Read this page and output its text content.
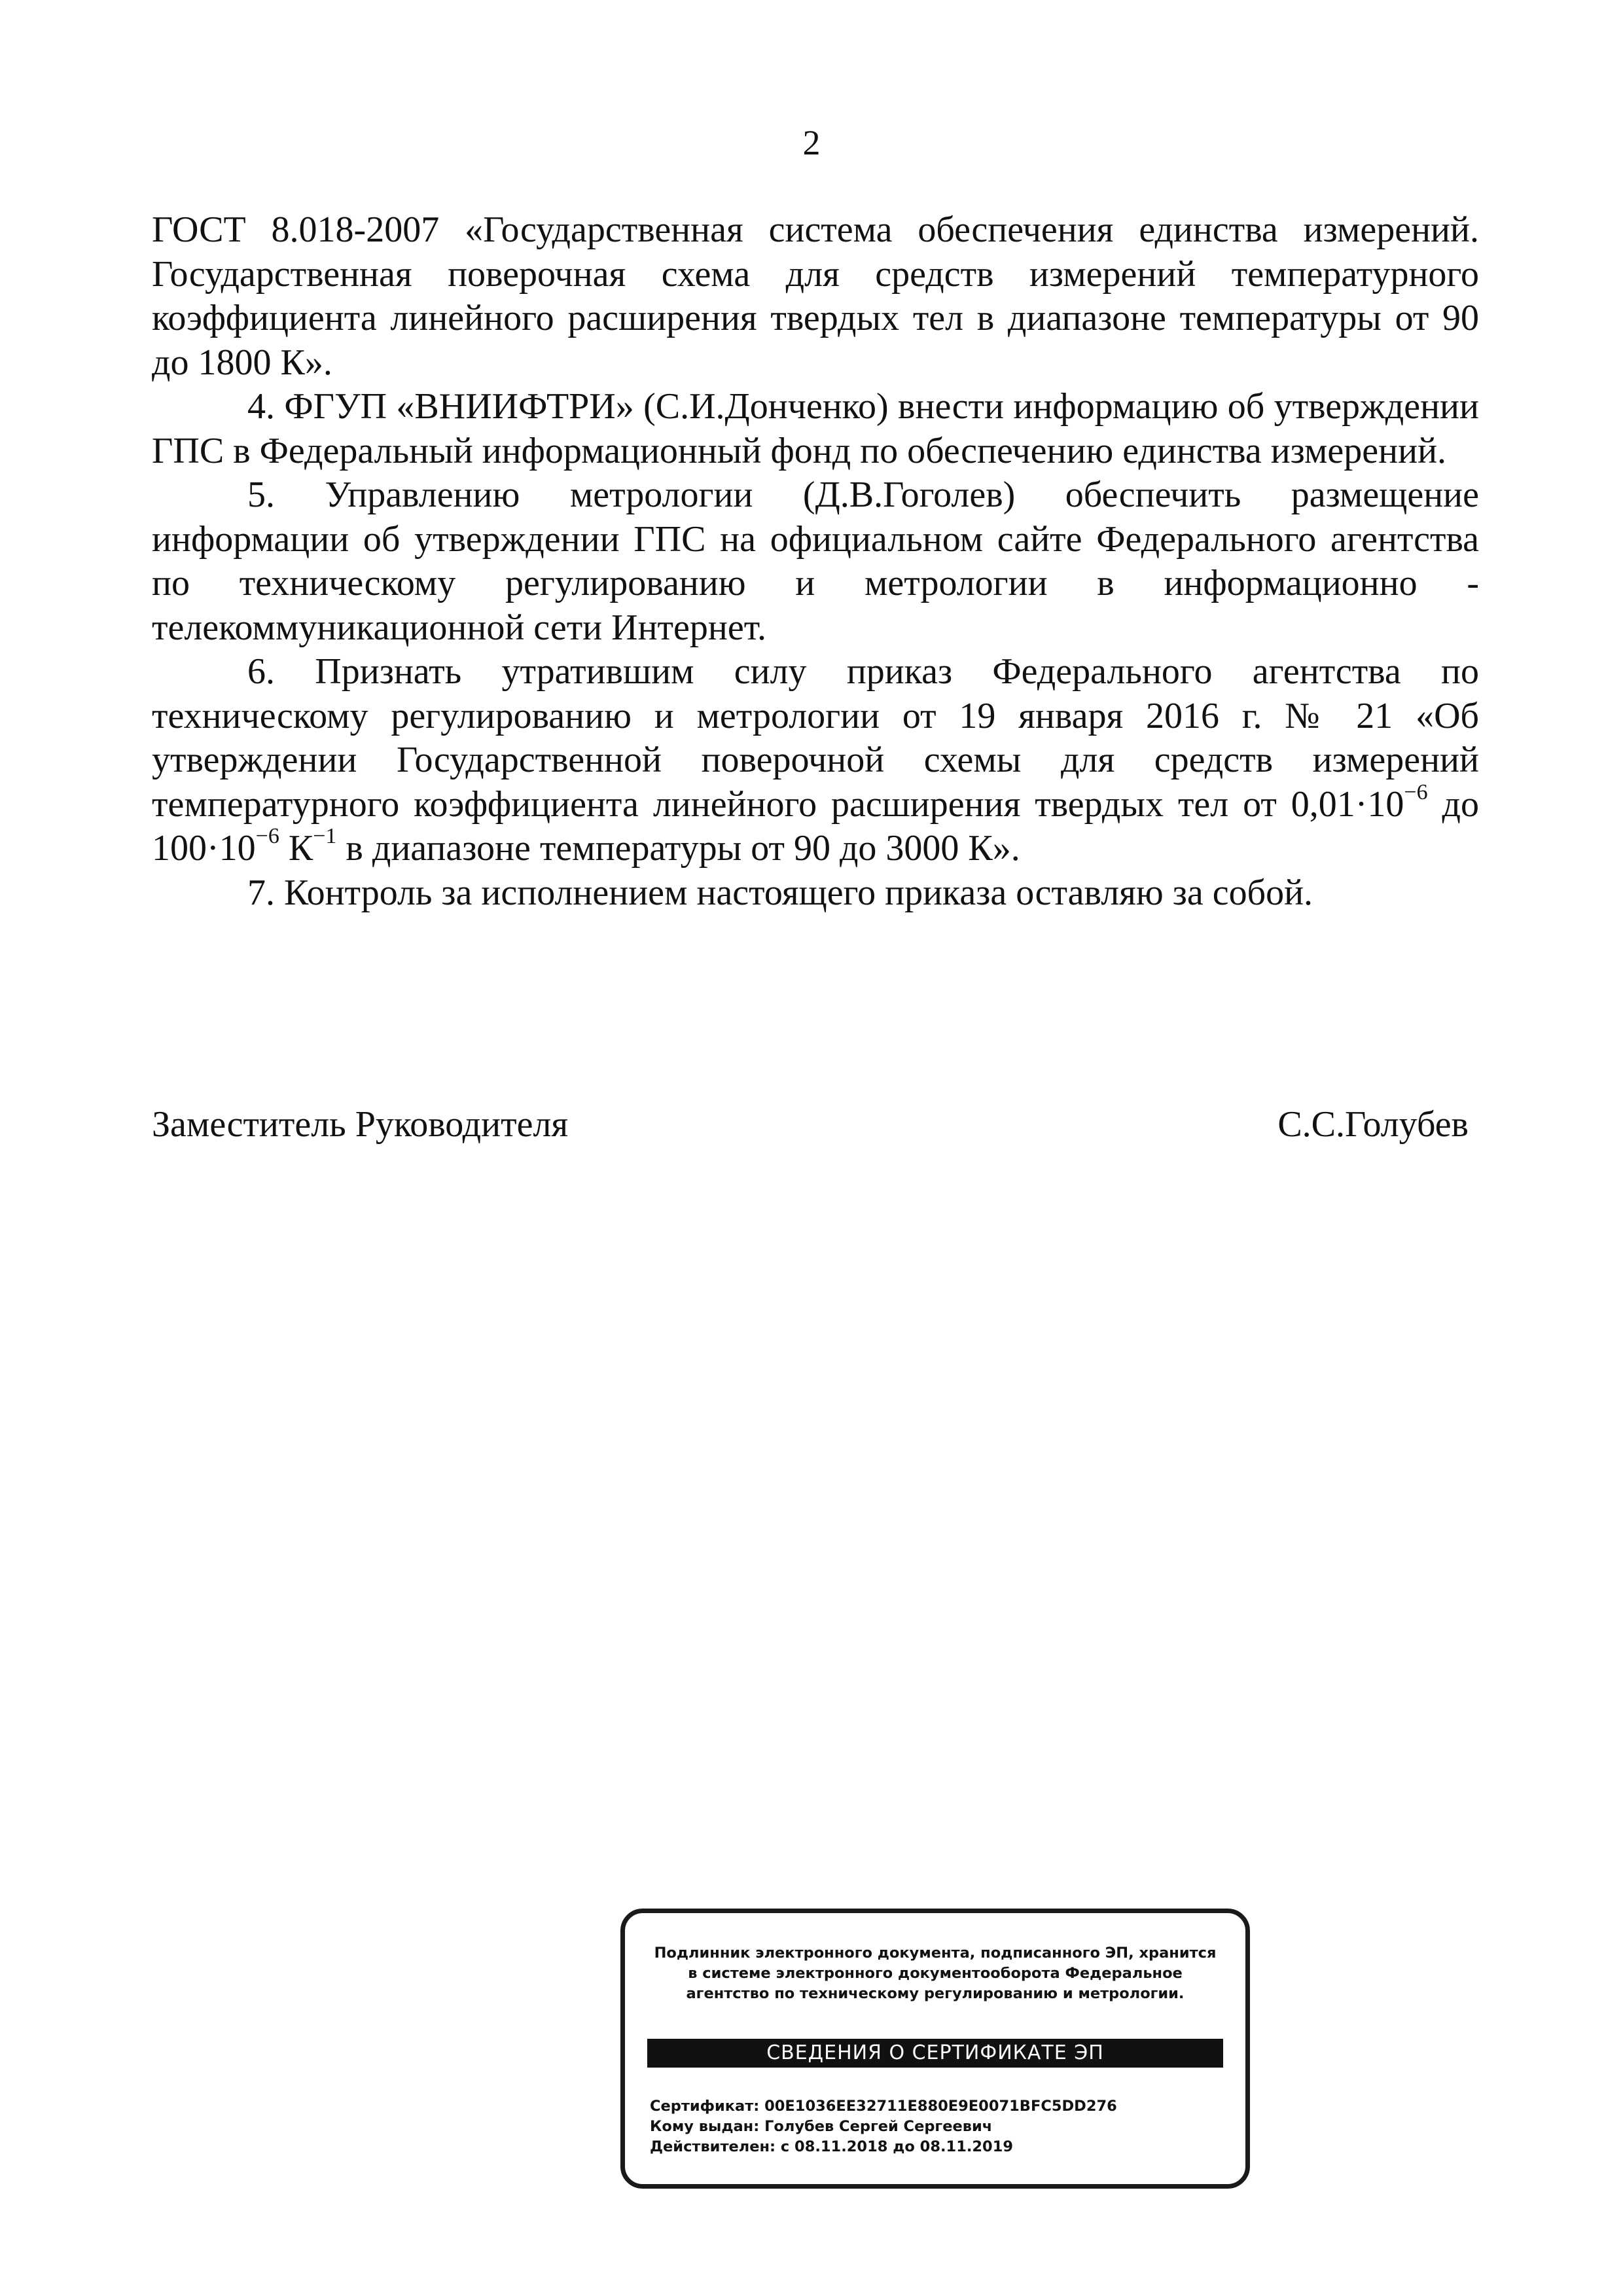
2

ГОСТ 8.018-2007 «Государственная система обеспечения единства измерений. Государственная поверочная схема для средств измерений температурного коэффициента линейного расширения твердых тел в диапазоне температуры от 90 до 1800 К».

4. ФГУП «ВНИИФТРИ» (С.И.Донченко) внести информацию об утверждении ГПС в Федеральный информационный фонд по обеспечению единства измерений.

5. Управлению метрологии (Д.В.Гоголев) обеспечить размещение информации об утверждении ГПС на официальном сайте Федерального агентства по техническому регулированию и метрологии в информационно - телекоммуникационной сети Интернет.

6. Признать утратившим силу приказ Федерального агентства по техническому регулированию и метрологии от 19 января 2016 г. № 21 «Об утверждении Государственной поверочной схемы для средств измерений температурного коэффициента линейного расширения твердых тел от $0,01\cdot 10^{-6}$ до $100\cdot 10^{-6}$ $К^{-1}$ в диапазоне температуры от 90 до 3000 К».

7. Контроль за исполнением настоящего приказа оставляю за собой.

Заместитель Руководителя	С.С.Голубев
Подлинник электронного документа, подписанного ЭП, хранится в системе электронного документооборота Федеральное агентство по техническому регулированию и метрологии.
СВЕДЕНИЯ О СЕРТИФИКАТЕ ЭП
Сертификат: 00E1036EE32711E880E9E0071BFC5DD276
Кому выдан: Голубев Сергей Сергеевич
Действителен: с 08.11.2018 до 08.11.2019
